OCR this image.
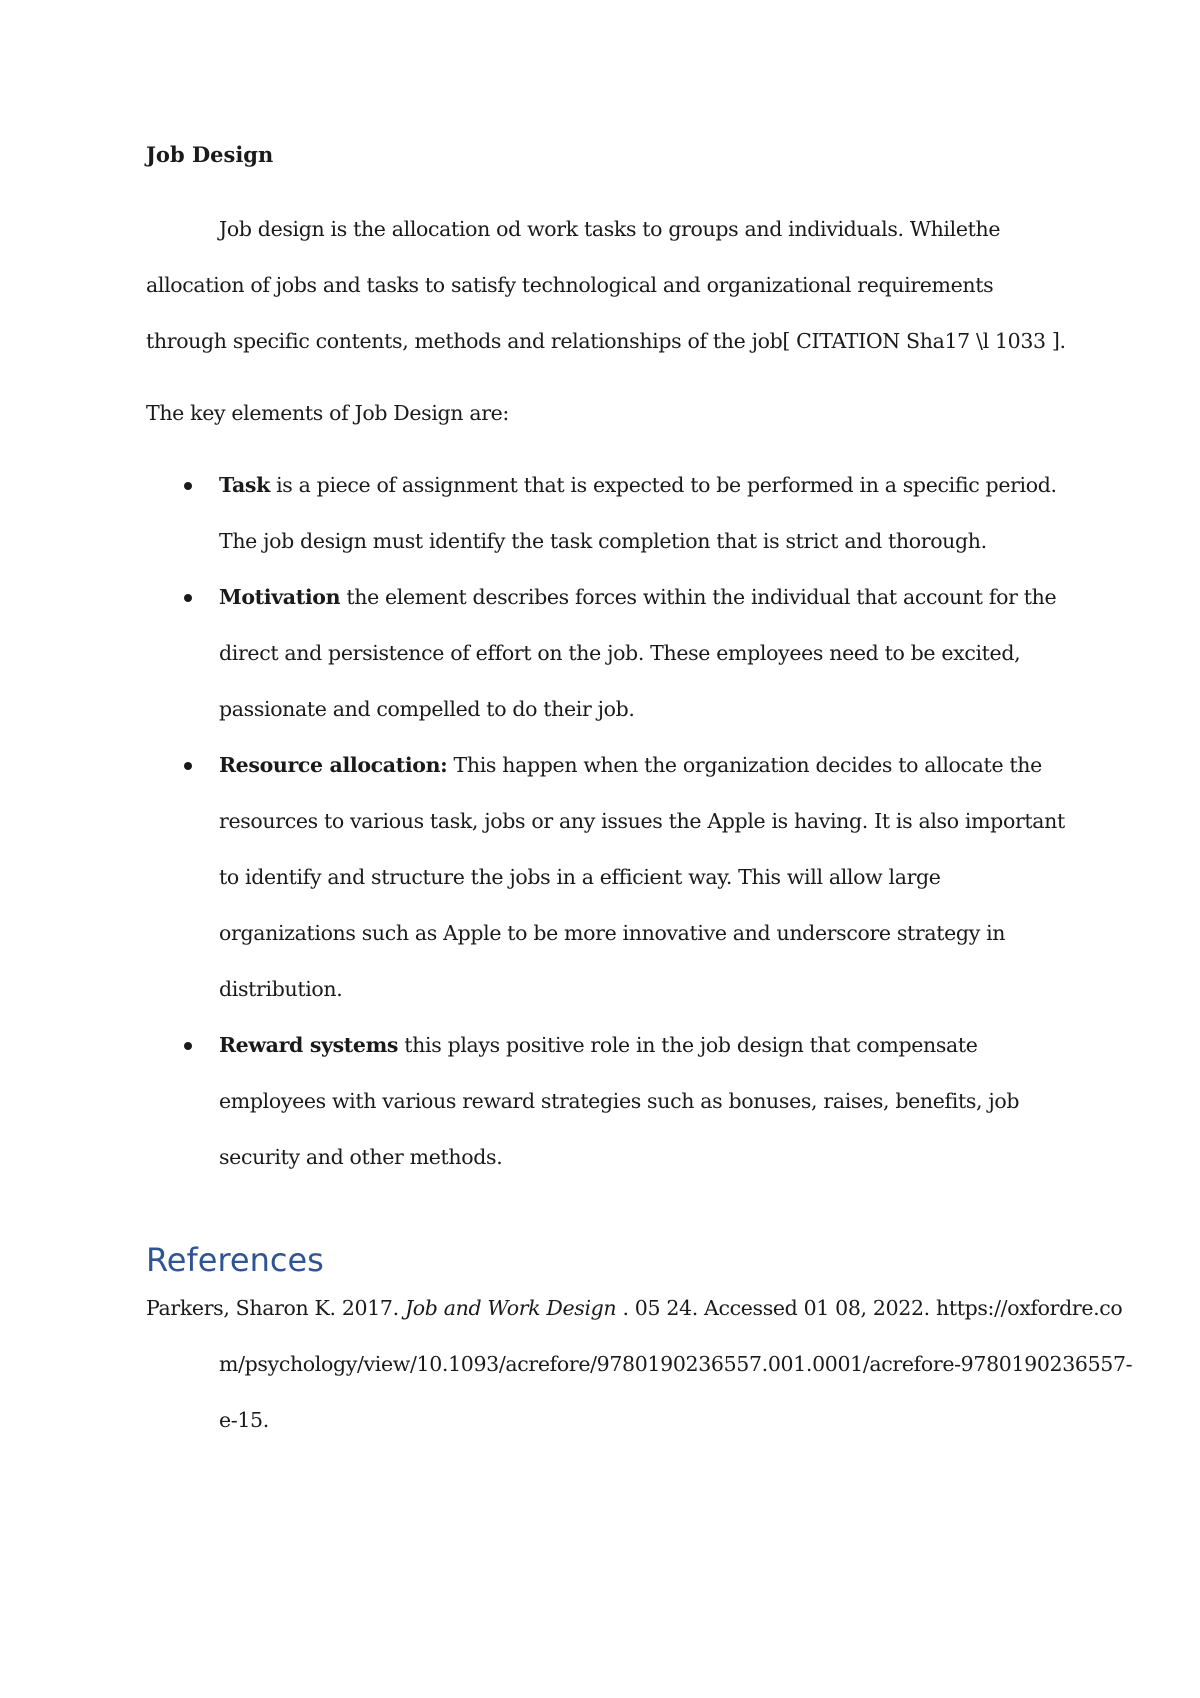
Job Design

Job design is the allocation od work tasks to groups and individuals. Whilethe allocation of jobs and tasks to satisfy technological and organizational requirements through specific contents, methods and relationships of the job[ CITATION Sha17 \l 1033 ].

The key elements of Job Design are:

Task is a piece of assignment that is expected to be performed in a specific period. The job design must identify the task completion that is strict and thorough.
Motivation the element describes forces within the individual that account for the direct and persistence of effort on the job. These employees need to be excited, passionate and compelled to do their job.
Resource allocation: This happen when the organization decides to allocate the resources to various task, jobs or any issues the Apple is having. It is also important to identify and structure the jobs in a efficient way. This will allow large organizations such as Apple to be more innovative and underscore strategy in distribution.
Reward systems this plays positive role in the job design that compensate employees with various reward strategies such as bonuses, raises, benefits, job security and other methods.
References

Parkers, Sharon K. 2017. Job and Work Design . 05 24. Accessed 01 08, 2022. https://oxfordre.com/psychology/view/10.1093/acrefore/9780190236557.001.0001/acrefore-9780190236557-e-15.
